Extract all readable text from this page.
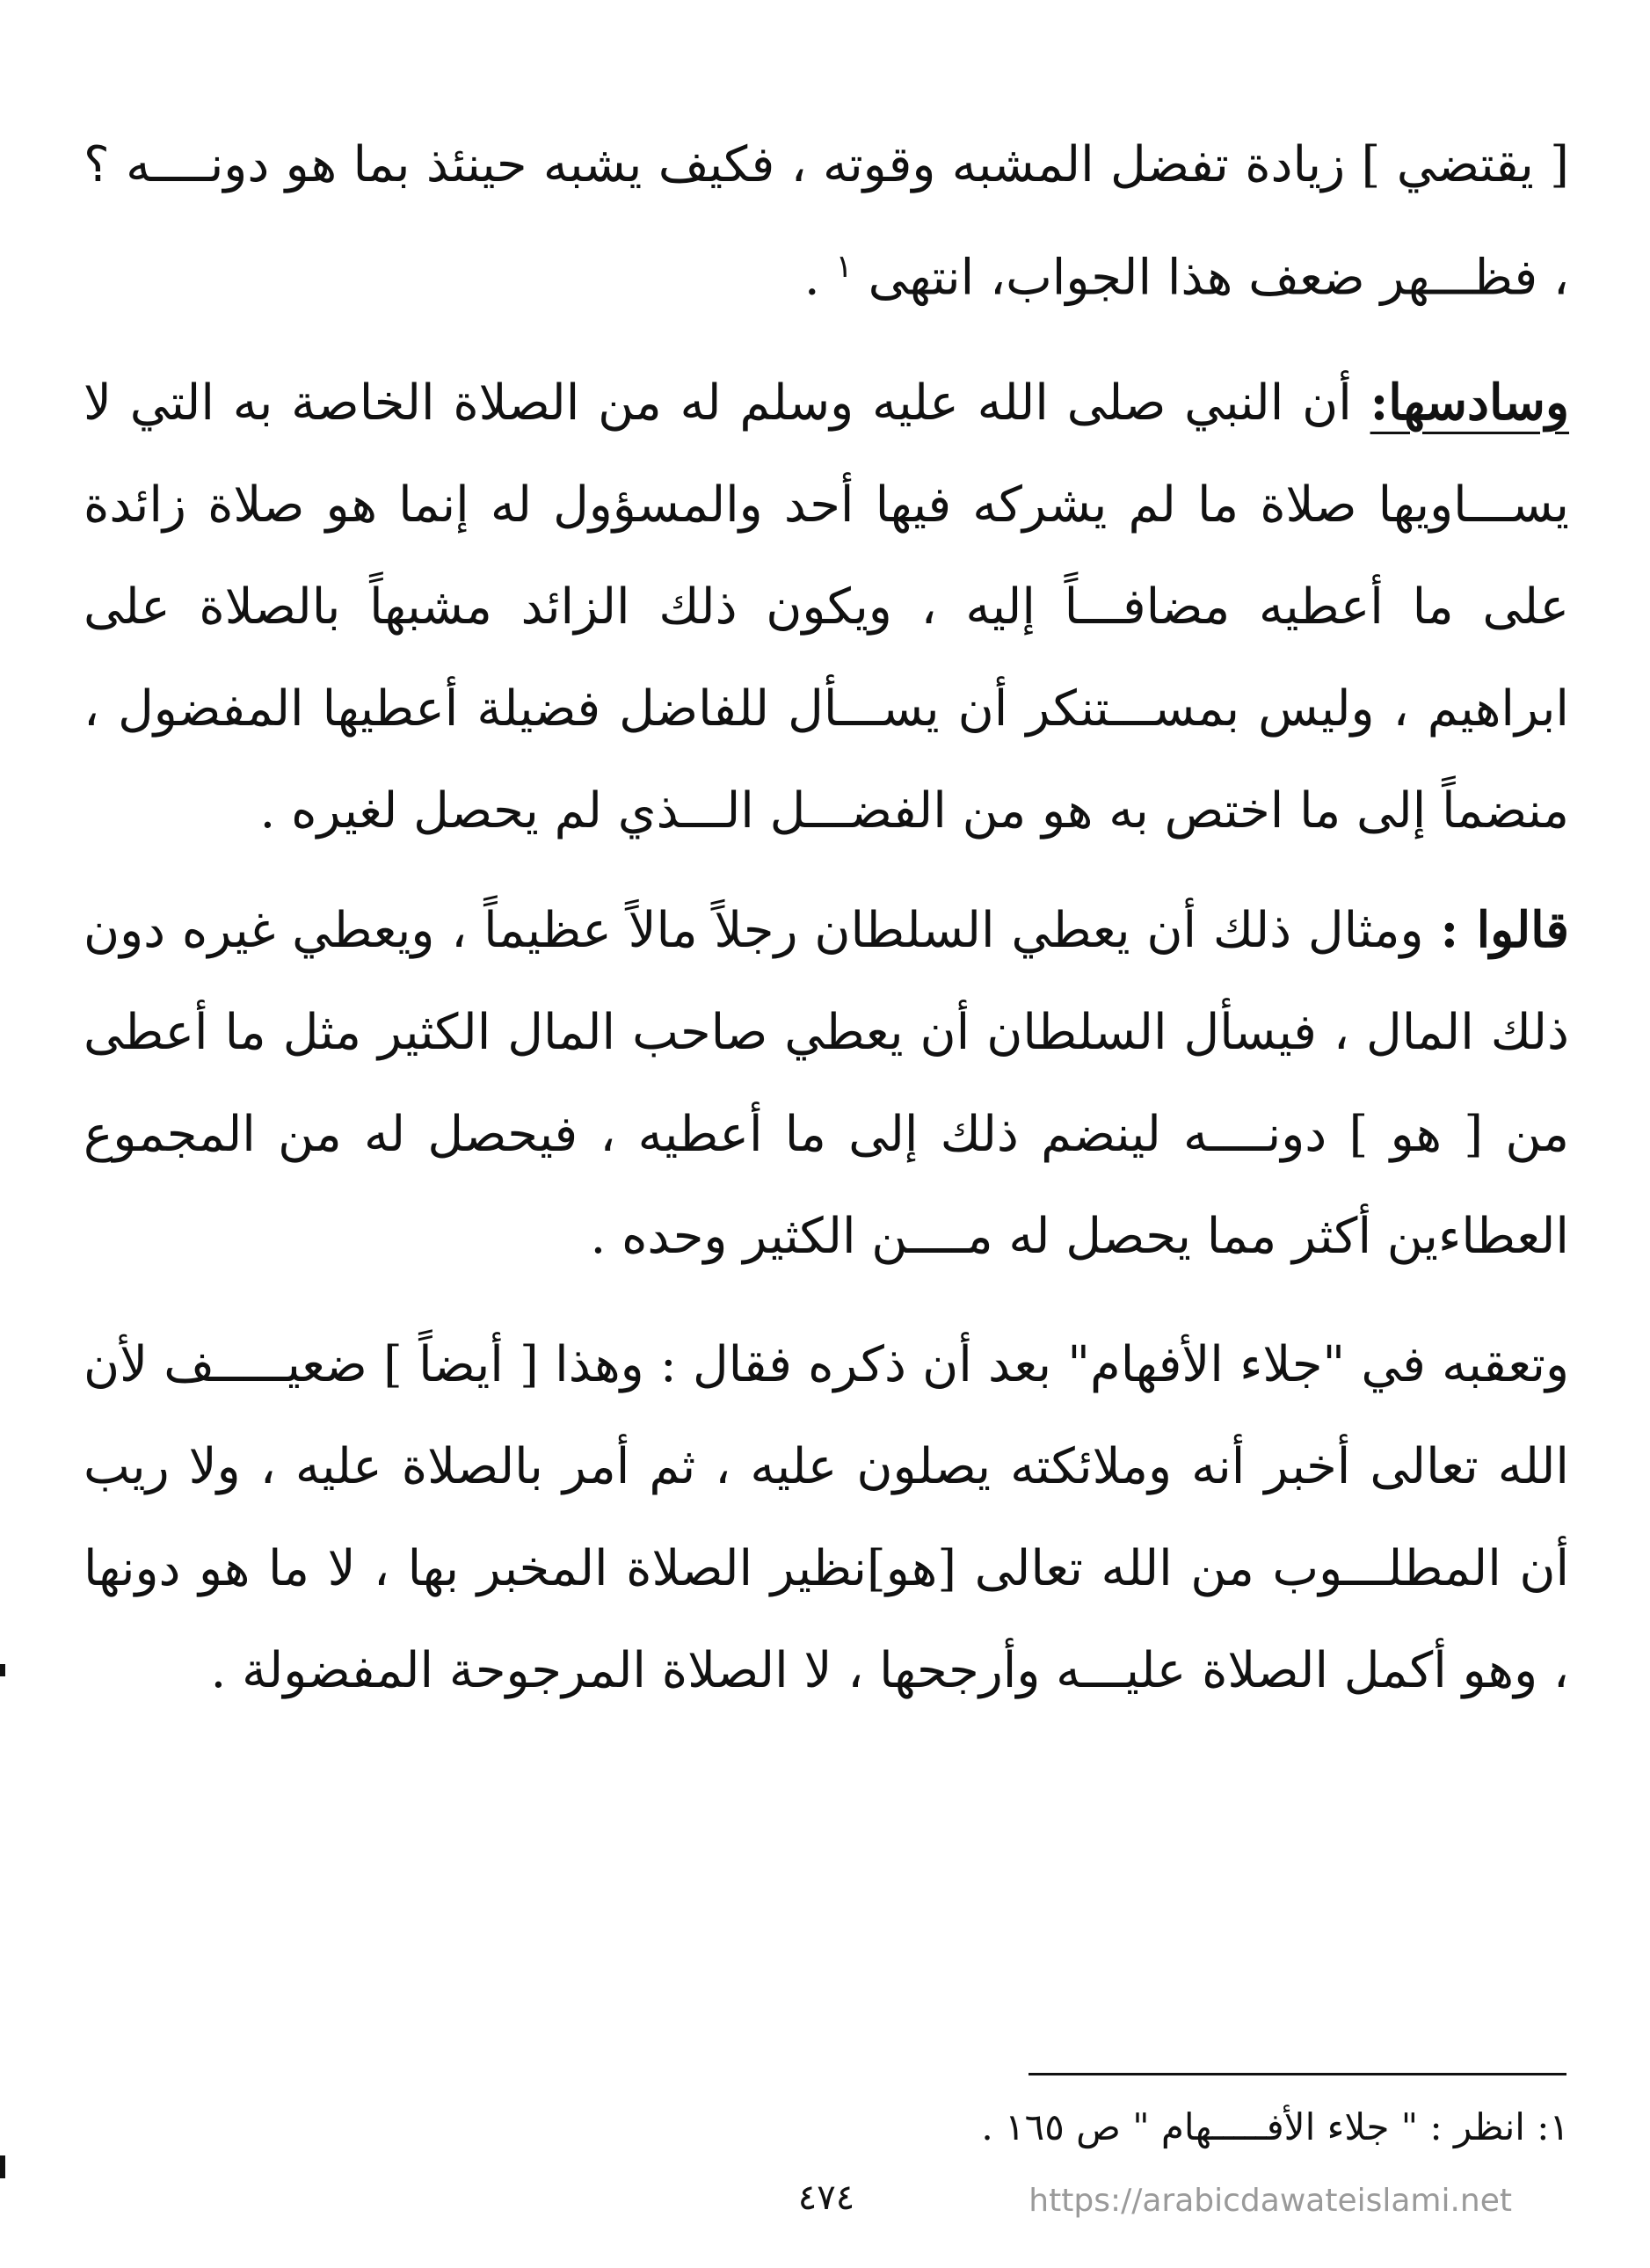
[ يقتضي ] زيادة تفضل المشبه وقوته ، فكيف يشبه حينئذ بما هو دونــــه ؟ ، فظـــهر ضعف هذا الجواب، انتهى $^١$ .

وسادسها: أن النبي صلى الله عليه وسلم له من الصلاة الخاصة به التي لا يســـاويها صلاة ما لم يشركه فيها أحد والمسؤول له إنما هو صلاة زائدة على ما أعطيه مضافـــاً إليه ، ويكون ذلك الزائد مشبهاً بالصلاة على ابراهيم ، وليس بمســـتنكر أن يســـأل للفاضل فضيلة أعطيها المفضول ، منضماً إلى ما اختص به هو من الفضـــل الـــذي لم يحصل لغيره .

قالوا : ومثال ذلك أن يعطي السلطان رجلاً مالاً عظيماً ، ويعطي غيره دون ذلك المال ، فيسأل السلطان أن يعطي صاحب المال الكثير مثل ما أعطى من [ هو ] دونــــه لينضم ذلك إلى ما أعطيه ، فيحصل له من المجموع العطاءين أكثر مما يحصل له مــــن الكثير وحده .

وتعقبه في "جلاء الأفهام" بعد أن ذكره فقال : وهذا [ أيضاً ] ضعيـــــف لأن الله تعالى أخبر أنه وملائكته يصلون عليه ، ثم أمر بالصلاة عليه ، ولا ريب أن المطلـــوب من الله تعالى [هو]نظير الصلاة المخبر بها ، لا ما هو دونها ، وهو أكمل الصلاة عليـــه وأرجحها ، لا الصلاة المرجوحة المفضولة .

١: انظر : " جلاء الأفـــــهام " ص ١٦٥ .
٤٧٤	https://arabicdawateislami.net
